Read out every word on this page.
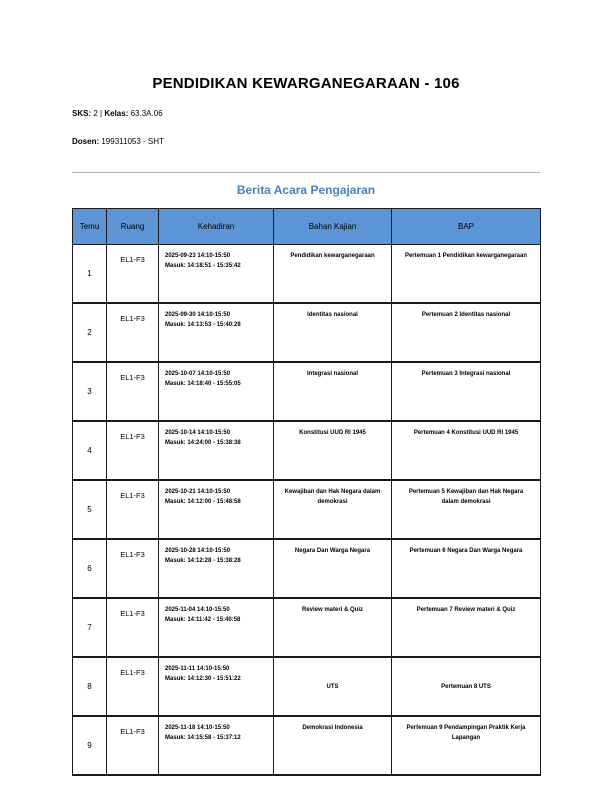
PENDIDIKAN KEWARGANEGARAAN - 106
SKS: 2 | Kelas: 63.3A.06
Dosen: 199311053 - SHT
Berita Acara Pengajaran
Temu	Ruang	Kehadiran	Bahan Kajian	BAP
1	EL1-F3	2025-09-23 14:10-15:50
Masuk: 14:18:51 - 15:35:42	Pendidikan kewarganegaraan	Pertemuan 1 Pendidikan kewarganegaraan
2	EL1-F3	2025-09-30 14:10-15:50
Masuk: 14:13:53 - 15:40:28	Identitas nasional	Pertemuan 2 Identitas nasional
3	EL1-F3	2025-10-07 14:10-15:50
Masuk: 14:18:40 - 15:55:05	Integrasi nasional	Pertemuan 3 Integrasi nasional
4	EL1-F3	2025-10-14 14:10-15:50
Masuk: 14:24:00 - 15:38:38	Konstitusi UUD RI 1945	Pertemuan 4 Konstitusi UUD RI 1945
5	EL1-F3	2025-10-21 14:10-15:50
Masuk: 14:12:00 - 15:48:58	Kewajiban dan Hak Negara dalam demokrasi	Pertemuan 5 Kewajiban dan Hak Negara dalam demokrasi
6	EL1-F3	2025-10-28 14:10-15:50
Masuk: 14:12:28 - 15:38:28	Negara Dan Warga Negara	Pertemuan 6 Negara Dan Warga Negara
7	EL1-F3	2025-11-04 14:10-15:50
Masuk: 14:11:42 - 15:40:58	Review materi & Quiz	Pertemuan 7 Review materi & Quiz
8	EL1-F3	2025-11-11 14:10-15:50
Masuk: 14:12:30 - 15:51:22	UTS	Pertemuan 8 UTS
9	EL1-F3	2025-11-18 14:10-15:50
Masuk: 14:15:58 - 15:37:12	Demokrasi Indonesia	Pertemuan 9 Pendampingan Praktik Kerja Lapangan
